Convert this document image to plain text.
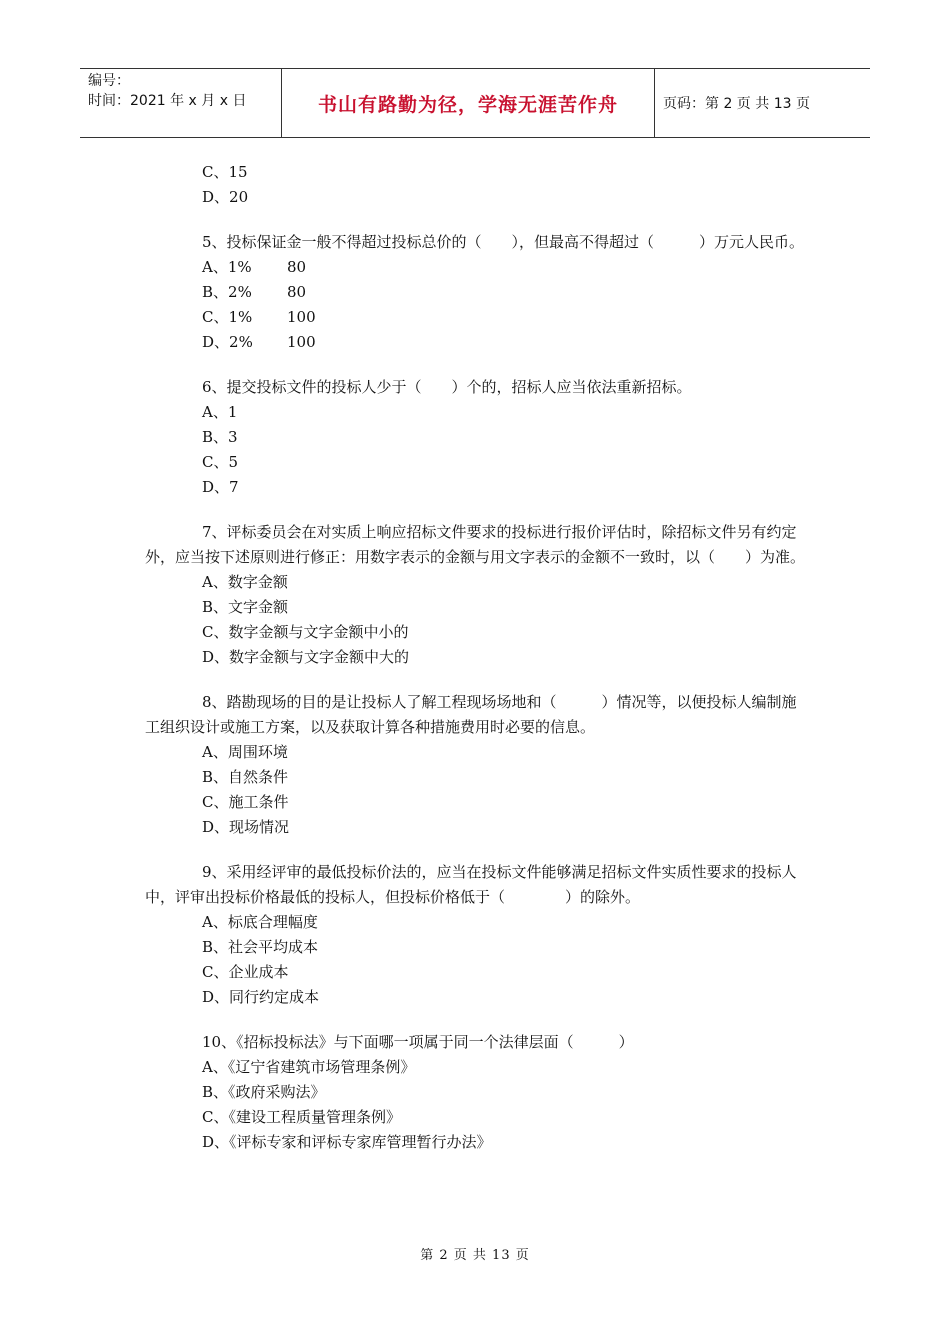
编号：
时间：2021 年 x 月 x 日	书山有路勤为径，学海无涯苦作舟	页码：第 2 页 共 13 页
C、15
D、20
5、投标保证金一般不得超过投标总价的（　　），但最高不得超过（　　　）万元人民币。
A、1%	80
B、2%	80
C、1%	100
D、2%	100
6、提交投标文件的投标人少于（　　）个的，招标人应当依法重新招标。
A、1
B、3
C、5
D、7
7、评标委员会在对实质上响应招标文件要求的投标进行报价评估时，除招标文件另有约定外，应当按下述原则进行修正：用数字表示的金额与用文字表示的金额不一致时，以（　　）为准。
A、数字金额
B、文字金额
C、数字金额与文字金额中小的
D、数字金额与文字金额中大的
8、踏勘现场的目的是让投标人了解工程现场场地和（　　　）情况等，以便投标人编制施工组织设计或施工方案，以及获取计算各种措施费用时必要的信息。
A、周围环境
B、自然条件
C、施工条件
D、现场情况
9、采用经评审的最低投标价法的，应当在投标文件能够满足招标文件实质性要求的投标人中，评审出投标价格最低的投标人，但投标价格低于（　　　　）的除外。
A、标底合理幅度
B、社会平均成本
C、企业成本
D、同行约定成本
10、《招标投标法》与下面哪一项属于同一个法律层面（　　　）
A、《辽宁省建筑市场管理条例》
B、《政府采购法》
C、《建设工程质量管理条例》
D、《评标专家和评标专家库管理暂行办法》
第 2 页 共 13 页
